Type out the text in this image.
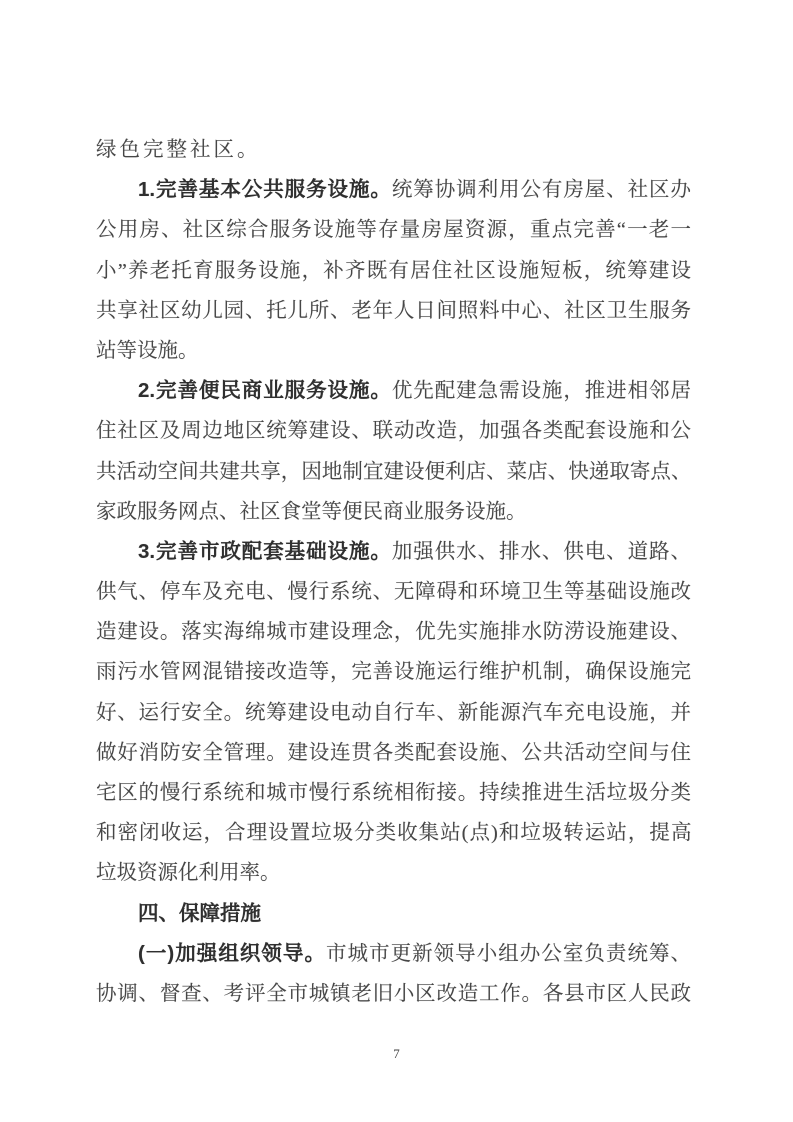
绿色完整社区。
1.完善基本公共服务设施。统筹协调利用公有房屋、社区办
公用房、社区综合服务设施等存量房屋资源，重点完善“一老一
小”养老托育服务设施，补齐既有居住社区设施短板，统筹建设
共享社区幼儿园、托儿所、老年人日间照料中心、社区卫生服务
站等设施。
2.完善便民商业服务设施。优先配建急需设施，推进相邻居
住社区及周边地区统筹建设、联动改造，加强各类配套设施和公
共活动空间共建共享，因地制宜建设便利店、菜店、快递取寄点、
家政服务网点、社区食堂等便民商业服务设施。
3.完善市政配套基础设施。加强供水、排水、供电、道路、
供气、停车及充电、慢行系统、无障碍和环境卫生等基础设施改
造建设。落实海绵城市建设理念，优先实施排水防涝设施建设、
雨污水管网混错接改造等，完善设施运行维护机制，确保设施完
好、运行安全。统筹建设电动自行车、新能源汽车充电设施，并
做好消防安全管理。建设连贯各类配套设施、公共活动空间与住
宅区的慢行系统和城市慢行系统相衔接。持续推进生活垃圾分类
和密闭收运，合理设置垃圾分类收集站(点)和垃圾转运站，提高
垃圾资源化利用率。
四、保障措施
(一)加强组织领导。市城市更新领导小组办公室负责统筹、
协调、督查、考评全市城镇老旧小区改造工作。各县市区人民政
7
